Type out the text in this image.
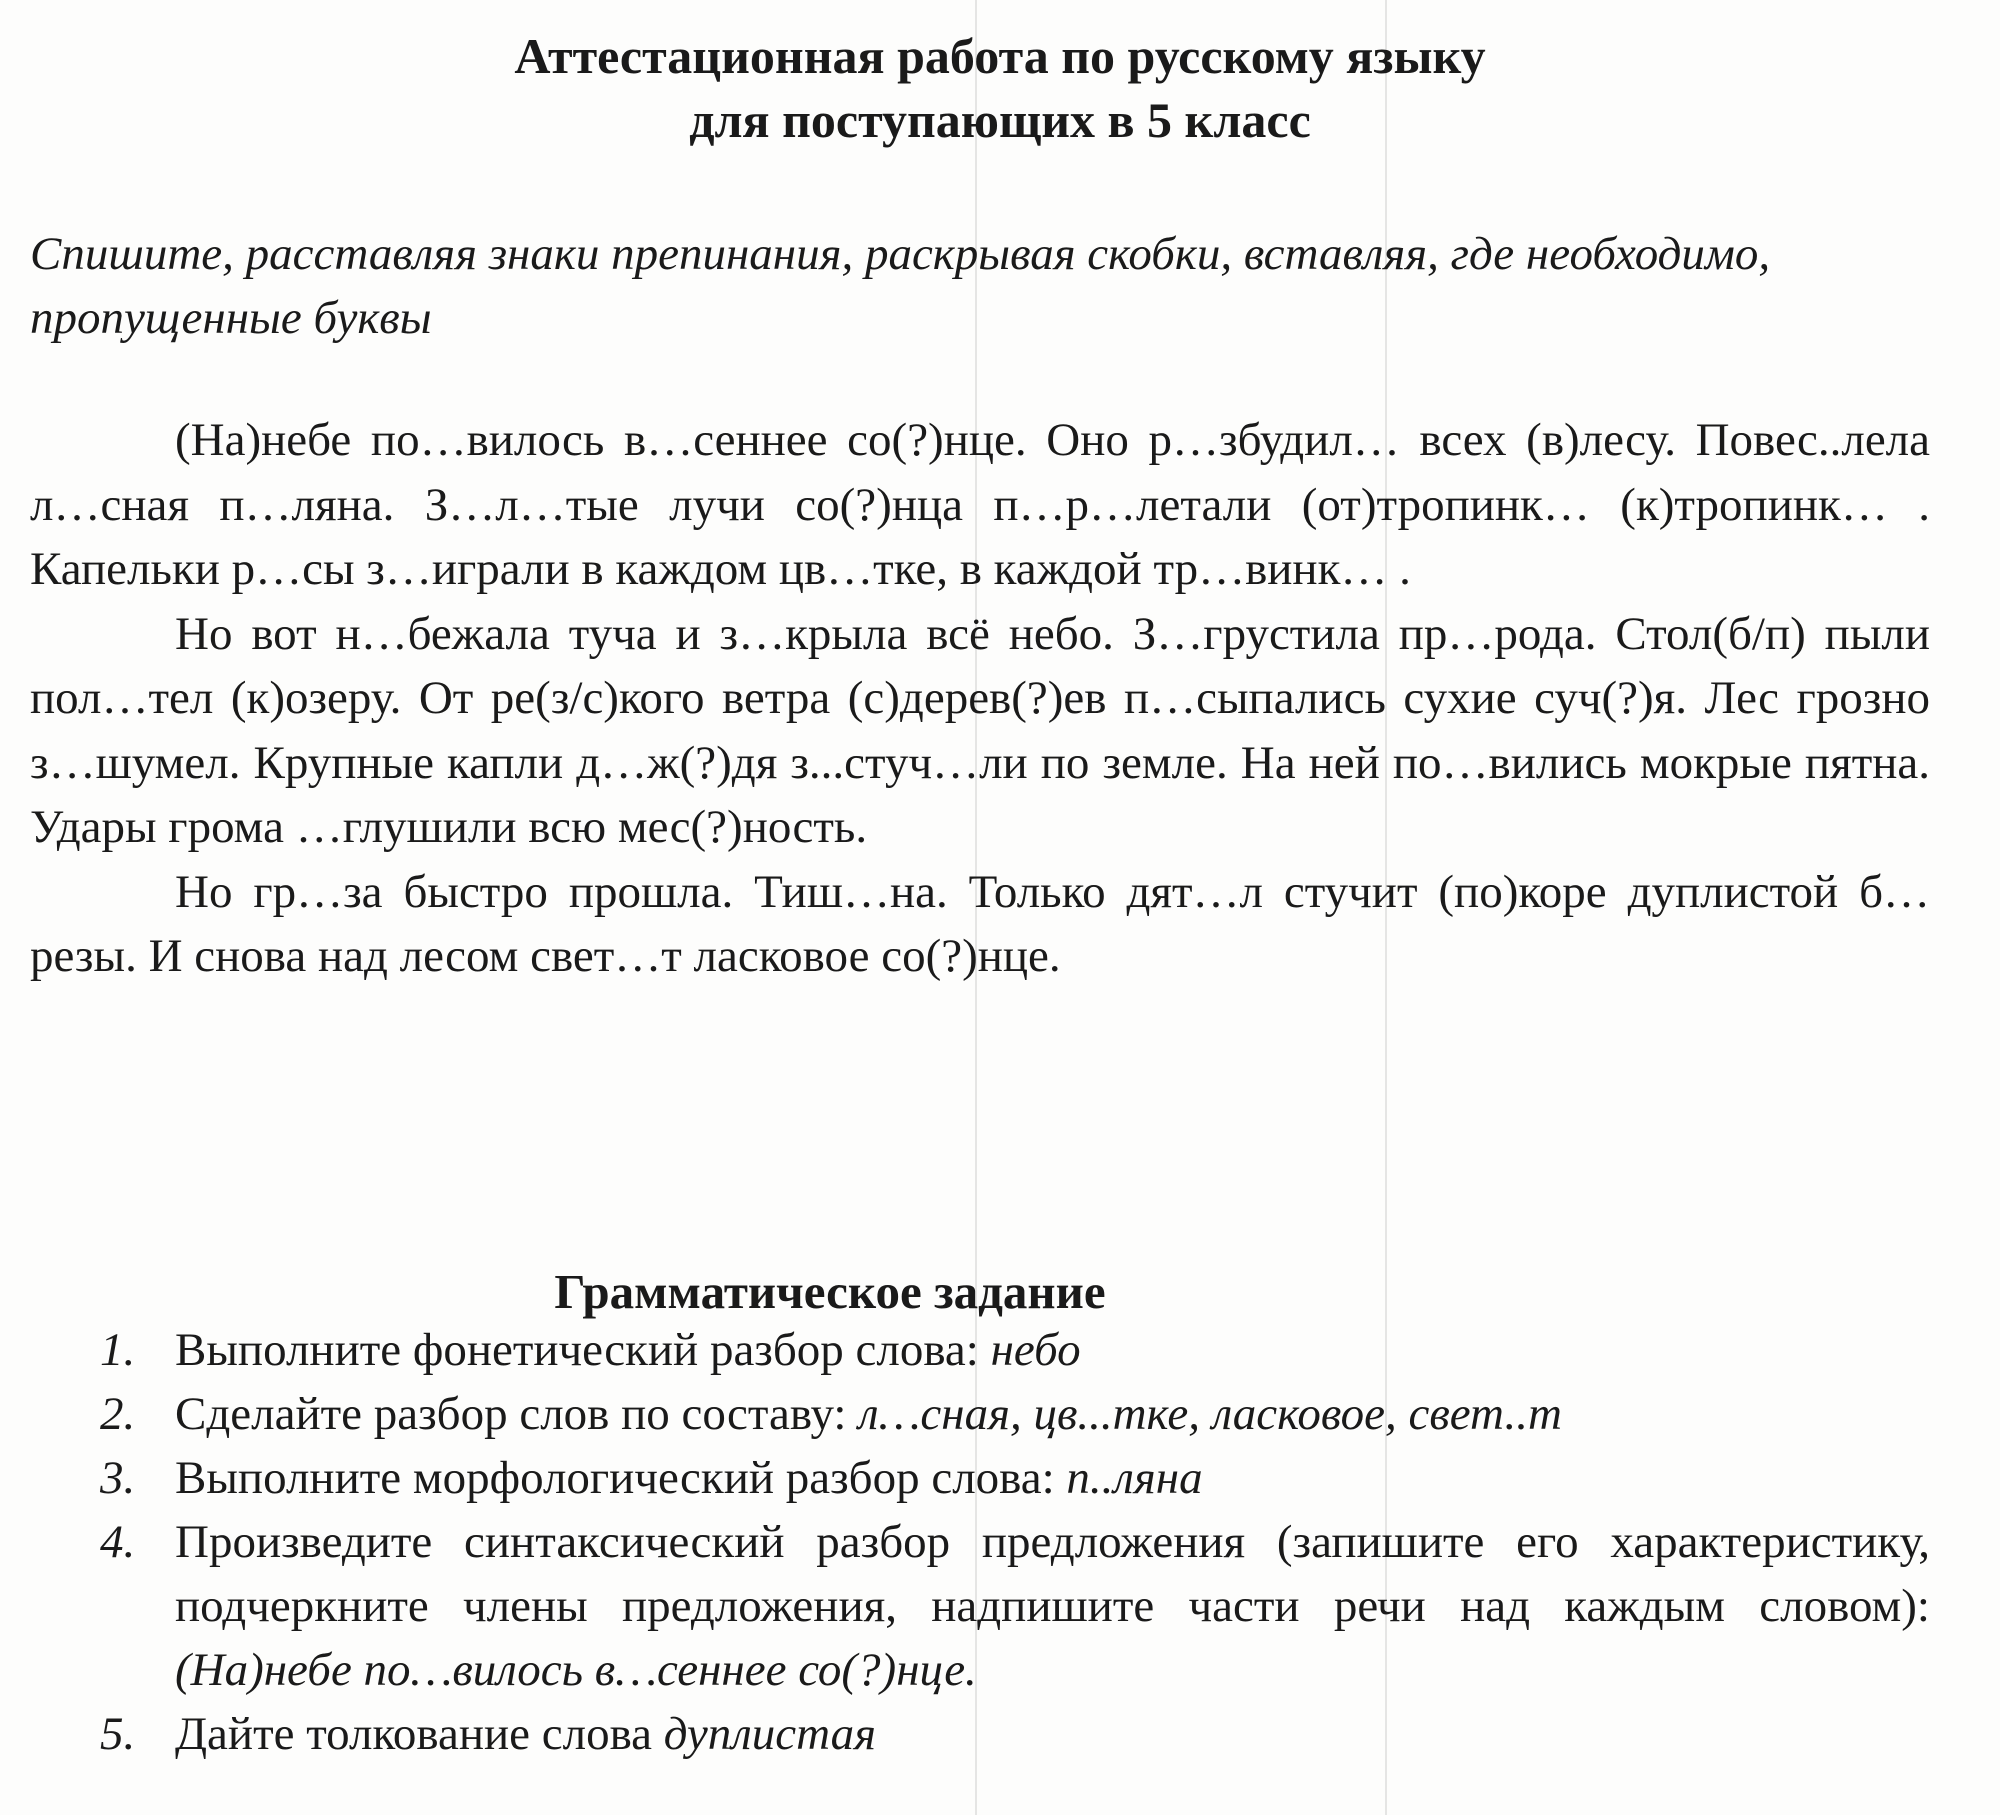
Аттестационная работа по русскому языку
для поступающих в 5 класс
Спишите, расставляя знаки препинания, раскрывая скобки, вставляя, где необходимо, пропущенные буквы

(На)небе по…вилось в…сеннее со(?)нце. Оно р…збудил… всех (в)лесу. Повес..лела л…сная п…ляна. З…л…тые лучи со(?)нца п…р…летали (от)тропинк… (к)тропинк… . Капельки р…сы з…играли в каждом цв…тке, в каждой тр…винк… .

Но вот н…бежала туча и з…крыла всё небо. З…грустила пр…рода. Стол(б/п) пыли пол…тел (к)озеру. От ре(з/с)кого ветра (с)дерев(?)ев п…сыпались сухие суч(?)я. Лес грозно з…шумел. Крупные капли д…ж(?)дя з...стуч…ли по земле. На ней по…вились мокрые пятна. Удары грома …глушили всю мес(?)ность.

Но гр…за быстро прошла. Тиш…на. Только дят…л стучит (по)коре дуплистой б…резы. И снова над лесом свет…т ласковое со(?)нце.

Грамматическое задание
1. Выполните фонетический разбор слова: небо
2. Сделайте разбор слов по составу: л…сная, цв...тке, ласковое, свет..т
3. Выполните морфологический разбор слова: п..ляна
4. Произведите синтаксический разбор предложения (запишите его характеристику, подчеркните члены предложения, надпишите части речи над каждым словом): (На)небе по…вилось в…сеннее со(?)нце.
5. Дайте толкование слова дуплистая
